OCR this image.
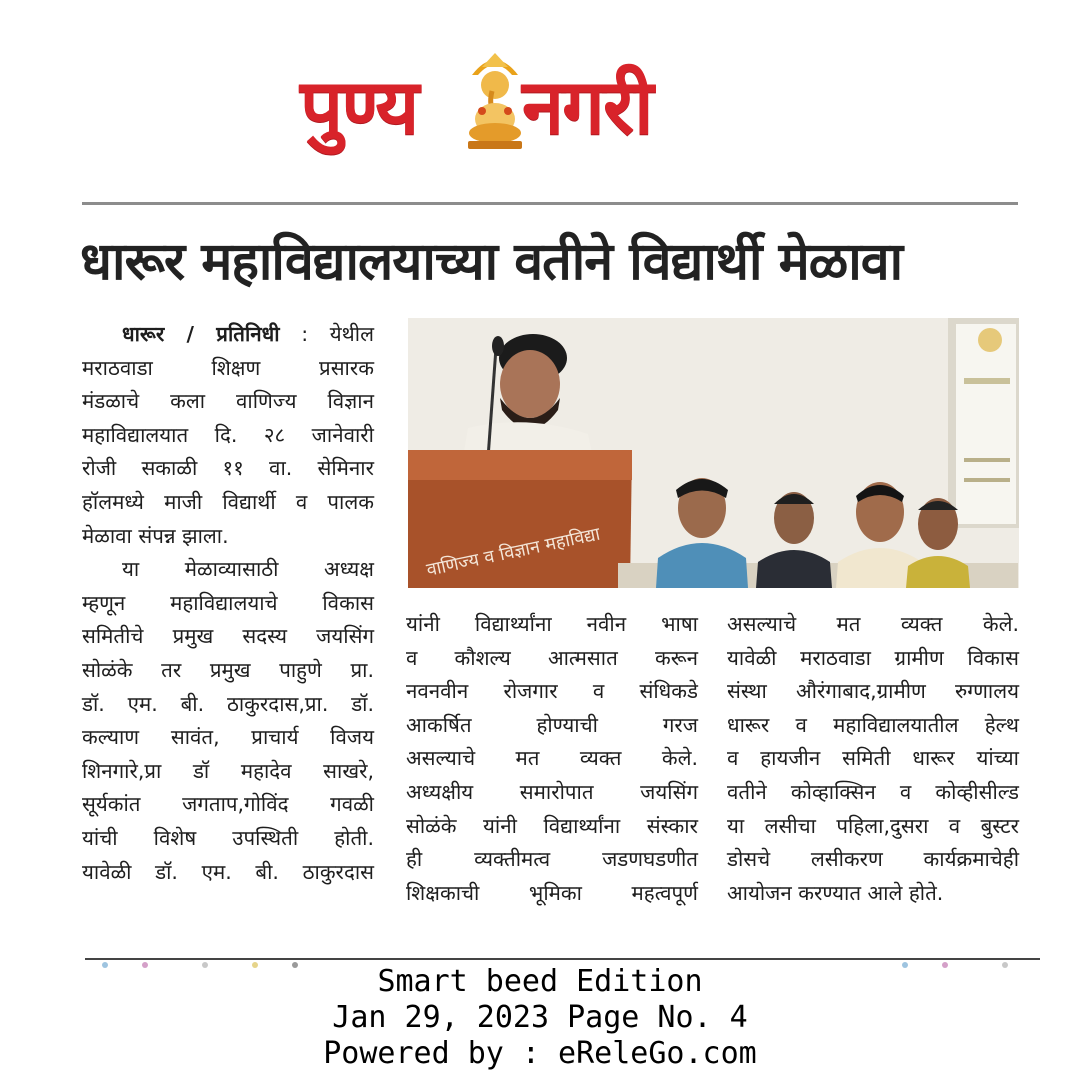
पुण्य नगरी
धारूर महाविद्यालयाच्या वतीने विद्यार्थी मेळावा

धारूर / प्रतिनिधी : येथील

मराठवाडा शिक्षण प्रसारक

मंडळाचे कला वाणिज्य विज्ञान

महाविद्यालयात दि. २८ जानेवारी

रोजी सकाळी ११ वा. सेमिनार

हॉलमध्ये माजी विद्यार्थी व पालक

मेळावा संपन्न झाला.

या मेळाव्यासाठी अध्यक्ष

म्हणून महाविद्यालयाचे विकास

समितीचे प्रमुख सदस्य जयसिंग

सोळंके तर प्रमुख पाहुणे प्रा.

डॉ. एम. बी. ठाकुरदास,प्रा. डॉ.

कल्याण सावंत, प्राचार्य विजय

शिनगारे,प्रा डॉ महादेव साखरे,

सूर्यकांत जगताप,गोविंद गवळी

यांची विशेष उपस्थिती होती.

यावेळी डॉ. एम. बी. ठाकुरदास

वाणिज्य व विज्ञान महाविद्या

यांनी विद्यार्थ्यांना नवीन भाषा

व कौशल्य आत्मसात करून

नवनवीन रोजगार व संधिकडे

आकर्षित होण्याची गरज

असल्याचे मत व्यक्त केले.

अध्यक्षीय समारोपात जयसिंग

सोळंके यांनी विद्यार्थ्यांना संस्कार

ही व्यक्तीमत्व जडणघडणीत

शिक्षकाची भूमिका महत्वपूर्ण

असल्याचे मत व्यक्त केले.

यावेळी मराठवाडा ग्रामीण विकास

संस्था औरंगाबाद,ग्रामीण रुग्णालय

धारूर व महाविद्यालयातील हेल्थ

व हायजीन समिती धारूर यांच्या

वतीने कोव्हाक्सिन व कोव्हीसील्ड

या लसीचा पहिला,दुसरा व बुस्टर

डोसचे लसीकरण कार्यक्रमाचेही

आयोजन करण्यात आले होते.

Smart beed Edition
Jan 29, 2023 Page No. 4
Powered by : eReleGo.com
